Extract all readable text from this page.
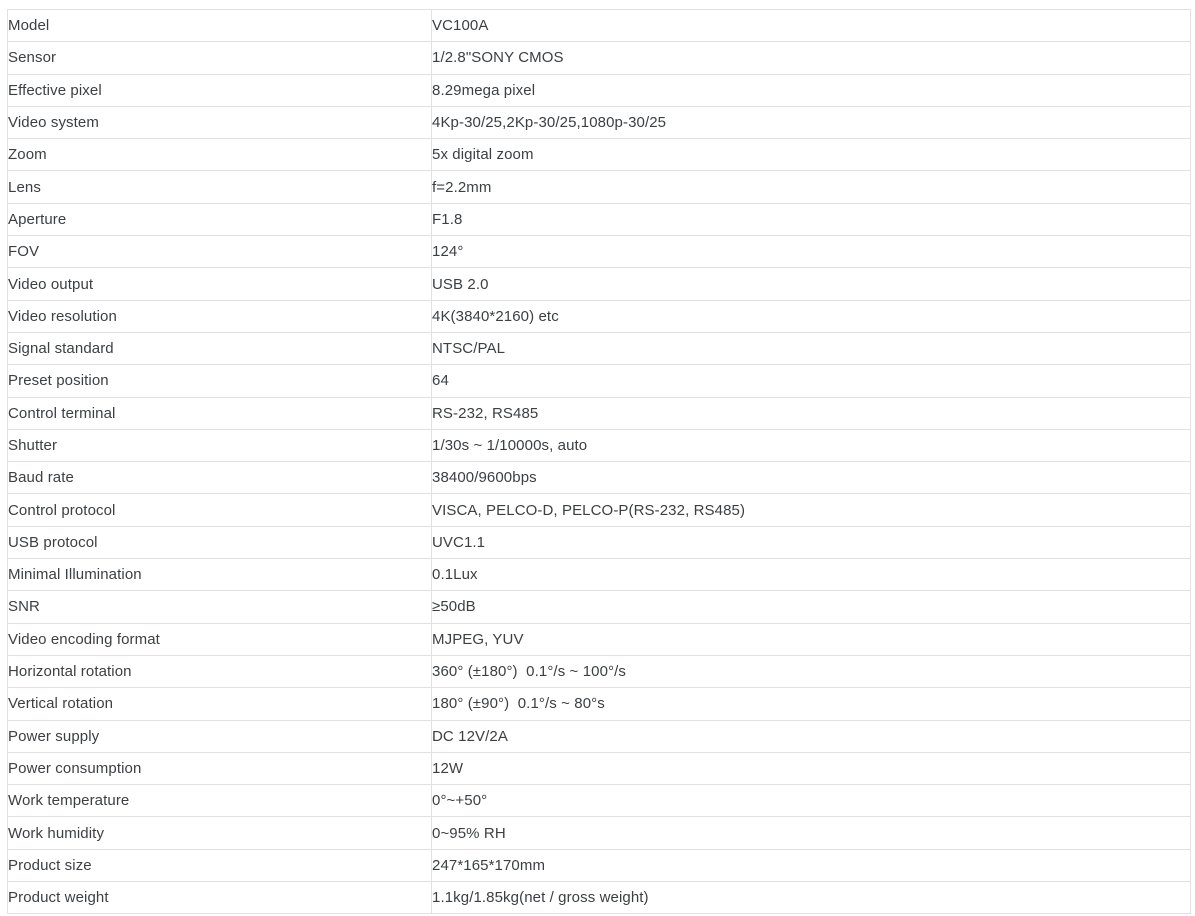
Model	VC100A
Sensor	1/2.8"SONY CMOS
Effective pixel	8.29mega pixel
Video system	4Kp-30/25,2Kp-30/25,1080p-30/25
Zoom	5x digital zoom
Lens	f=2.2mm
Aperture	F1.8
FOV	124°
Video output	USB 2.0
Video resolution	4K(3840*2160) etc
Signal standard	NTSC/PAL
Preset position	64
Control terminal	RS-232, RS485
Shutter	1/30s ~ 1/10000s, auto
Baud rate	38400/9600bps
Control protocol	VISCA, PELCO-D, PELCO-P(RS-232, RS485)
USB protocol	UVC1.1
Minimal Illumination	0.1Lux
SNR	≥50dB
Video encoding format	MJPEG, YUV
Horizontal rotation	360° (±180°)  0.1°/s ~ 100°/s
Vertical rotation	180° (±90°)  0.1°/s ~ 80°s
Power supply	DC 12V/2A
Power consumption	12W
Work temperature	0°~+50°
Work humidity	0~95% RH
Product size	247*165*170mm
Product weight	1.1kg/1.85kg(net / gross weight)
